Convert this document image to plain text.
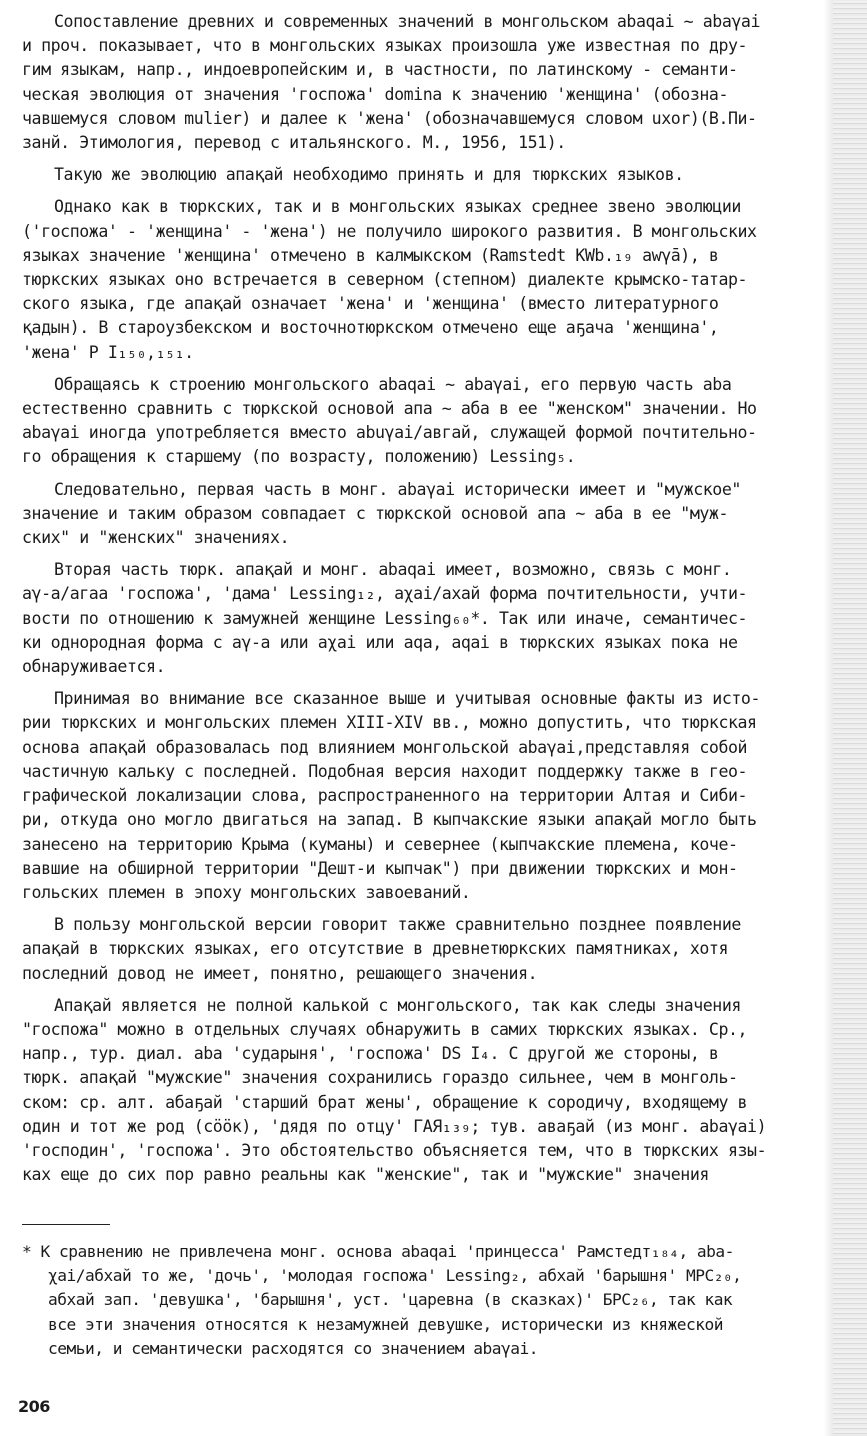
Сопоставление древних и современных значений в монгольском abaqai ~ abaγai
и проч. показывает, что в монгольских языках произошла уже известная по дру-
гим языкам, напр., индоевропейским и, в частности, по латинскому - семанти-
ческая эволюция от значения 'госпожа' domina к значению 'женщина' (обозна-
чавшемуся словом mulier) и далее к 'жена' (обозначавшемуся словом uxor)(В.Пи-
занй. Этимология, перевод с итальянского. М., 1956, 151).

Такую же эволюцию апақай необходимо принять и для тюркских языков.

Однако как в тюркских, так и в монгольских языках среднее звено эволюции
('госпожа' - 'женщина' - 'жена') не получило широкого развития. В монгольских
языках значение 'женщина' отмечено в калмыкском (Ramstedt KWb.₁₉ awγā), в
тюркских языках оно встречается в северном (степном) диалекте крымско-татар-
ского языка, где апақай означает 'жена' и 'женщина' (вместо литературного
қадын). В староузбекском и восточнотюркском отмечено еще аҕача 'женщина',
'жена' Р I₁₅₀,₁₅₁.

Обращаясь к строению монгольского abaqai ~ abaγai, его первую часть aba
естественно сравнить с тюркской основой апа ~ аба в ее "женском" значении. Но
abaγai иногда употребляется вместо abuγai/авгай, служащей формой почтительно-
го обращения к старшему (по возрасту, положению) Lessing₅.

Следовательно, первая часть в монг. abaγai исторически имеет и "мужское"
значение и таким образом совпадает с тюркской основой апа ~ аба в ее "муж-
ских" и "женских" значениях.

Вторая часть тюрк. апақай и монг. abaqai имеет, возможно, связь с монг.
aγ-a/агаа 'госпожа', 'дама' Lessing₁₂, aχai/ахай форма почтительности, учти-
вости по отношению к замужней женщине Lessing₆₀*. Так или иначе, семантичес-
ки однородная форма с aγ-a или aχai или aqa, aqai в тюркских языках пока не
обнаруживается.

Принимая во внимание все сказанное выше и учитывая основные факты из исто-
рии тюркских и монгольских племен XIII-XIV вв., можно допустить, что тюркская
основа апақай образовалась под влиянием монгольской abaγai,представляя собой
частичную кальку с последней. Подобная версия находит поддержку также в гео-
графической локализации слова, распространенного на территории Алтая и Сиби-
ри, откуда оно могло двигаться на запад. В кыпчакские языки апақай могло быть
занесено на территорию Крыма (куманы) и севернее (кыпчакские племена, коче-
вавшие на обширной территории "Дешт-и кыпчак") при движении тюркских и мон-
гольских племен в эпоху монгольских завоеваний.

В пользу монгольской версии говорит также сравнительно позднее появление
апақай в тюркских языках, его отсутствие в древнетюркских памятниках, хотя
последний довод не имеет, понятно, решающего значения.

Апақай является не полной калькой с монгольского, так как следы значения
"госпожа" можно в отдельных случаях обнаружить в самих тюркских языках. Ср.,
напр., тур. диал. aba 'сударыня', 'госпожа' DS I₄. С другой же стороны, в
тюрк. апақай "мужские" значения сохранились гораздо сильнее, чем в монголь-
ском: ср. алт. абаҕай 'старший брат жены', обращение к сородичу, входящему в
один и тот же род (сӧӧк), 'дядя по отцу' ГАЯ₁₃₉; тув. аваҕай (из монг. abaγai)
'господин', 'госпожа'. Это обстоятельство объясняется тем, что в тюркских язы-
ках еще до сих пор равно реальны как "женские", так и "мужские" значения

* К сравнению не привлечена монг. основа abaqai 'принцесса' Рамстедт₁₈₄, aba-
χai/абхай то же, 'дочь', 'молодая госпожа' Lessing₂, абхай 'барышня' МРС₂₀,
абхай зап. 'девушка', 'барышня', уст. 'царевна (в сказках)' БРС₂₆, так как
все эти значения относятся к незамужней девушке, исторически из княжеской
семьи, и семантически расходятся со значением abaγai.
206
